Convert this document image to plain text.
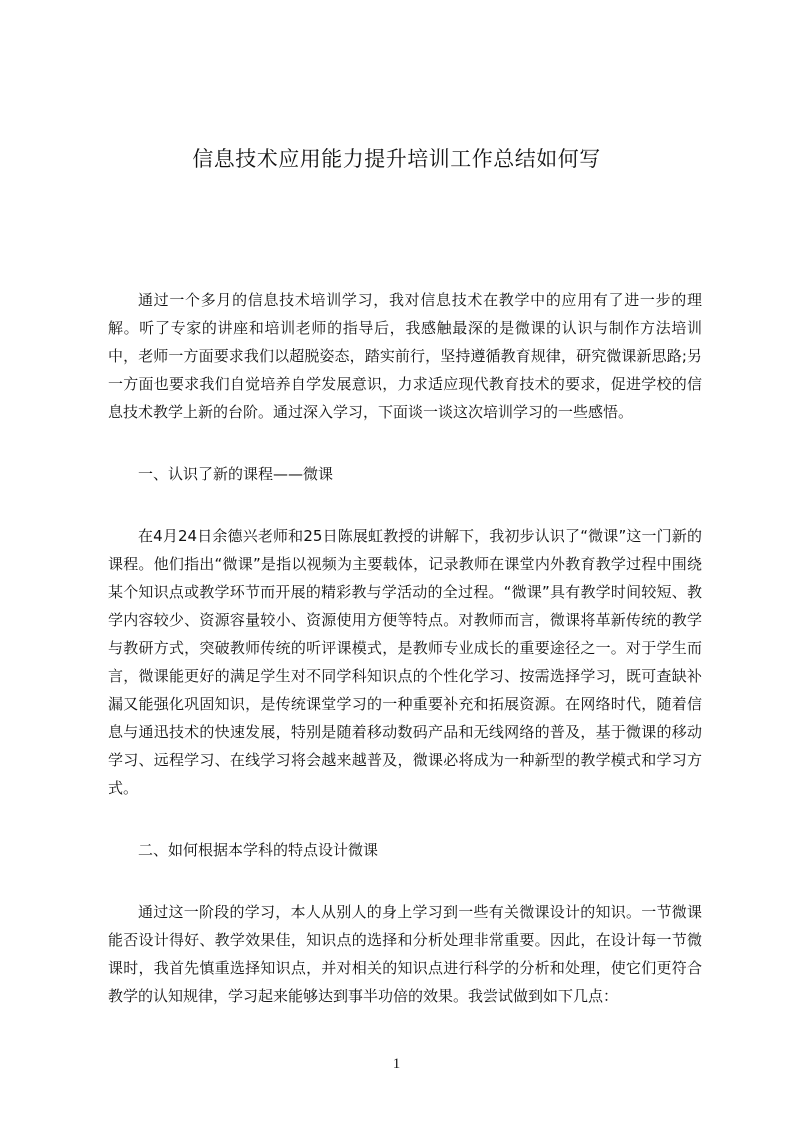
信息技术应用能力提升培训工作总结如何写

通过一个多月的信息技术培训学习，我对信息技术在教学中的应用有了进一步的理解。听了专家的讲座和培训老师的指导后，我感触最深的是微课的认识与制作方法培训中，老师一方面要求我们以超脱姿态，踏实前行，坚持遵循教育规律，研究微课新思路;另一方面也要求我们自觉培养自学发展意识，力求适应现代教育技术的要求，促进学校的信息技术教学上新的台阶。通过深入学习，下面谈一谈这次培训学习的一些感悟。

一、认识了新的课程——微课

在4月24日余德兴老师和25日陈展虹教授的讲解下，我初步认识了“微课”这一门新的课程。他们指出“微课”是指以视频为主要载体，记录教师在课堂内外教育教学过程中围绕某个知识点或教学环节而开展的精彩教与学活动的全过程。“微课”具有教学时间较短、教学内容较少、资源容量较小、资源使用方便等特点。对教师而言，微课将革新传统的教学与教研方式，突破教师传统的听评课模式，是教师专业成长的重要途径之一。对于学生而言，微课能更好的满足学生对不同学科知识点的个性化学习、按需选择学习，既可查缺补漏又能强化巩固知识，是传统课堂学习的一种重要补充和拓展资源。在网络时代，随着信息与通迅技术的快速发展，特别是随着移动数码产品和无线网络的普及，基于微课的移动学习、远程学习、在线学习将会越来越普及，微课必将成为一种新型的教学模式和学习方式。

二、如何根据本学科的特点设计微课

通过这一阶段的学习，本人从别人的身上学习到一些有关微课设计的知识。一节微课能否设计得好、教学效果佳，知识点的选择和分析处理非常重要。因此，在设计每一节微课时，我首先慎重选择知识点，并对相关的知识点进行科学的分析和处理，使它们更符合教学的认知规律，学习起来能够达到事半功倍的效果。我尝试做到如下几点：

1
